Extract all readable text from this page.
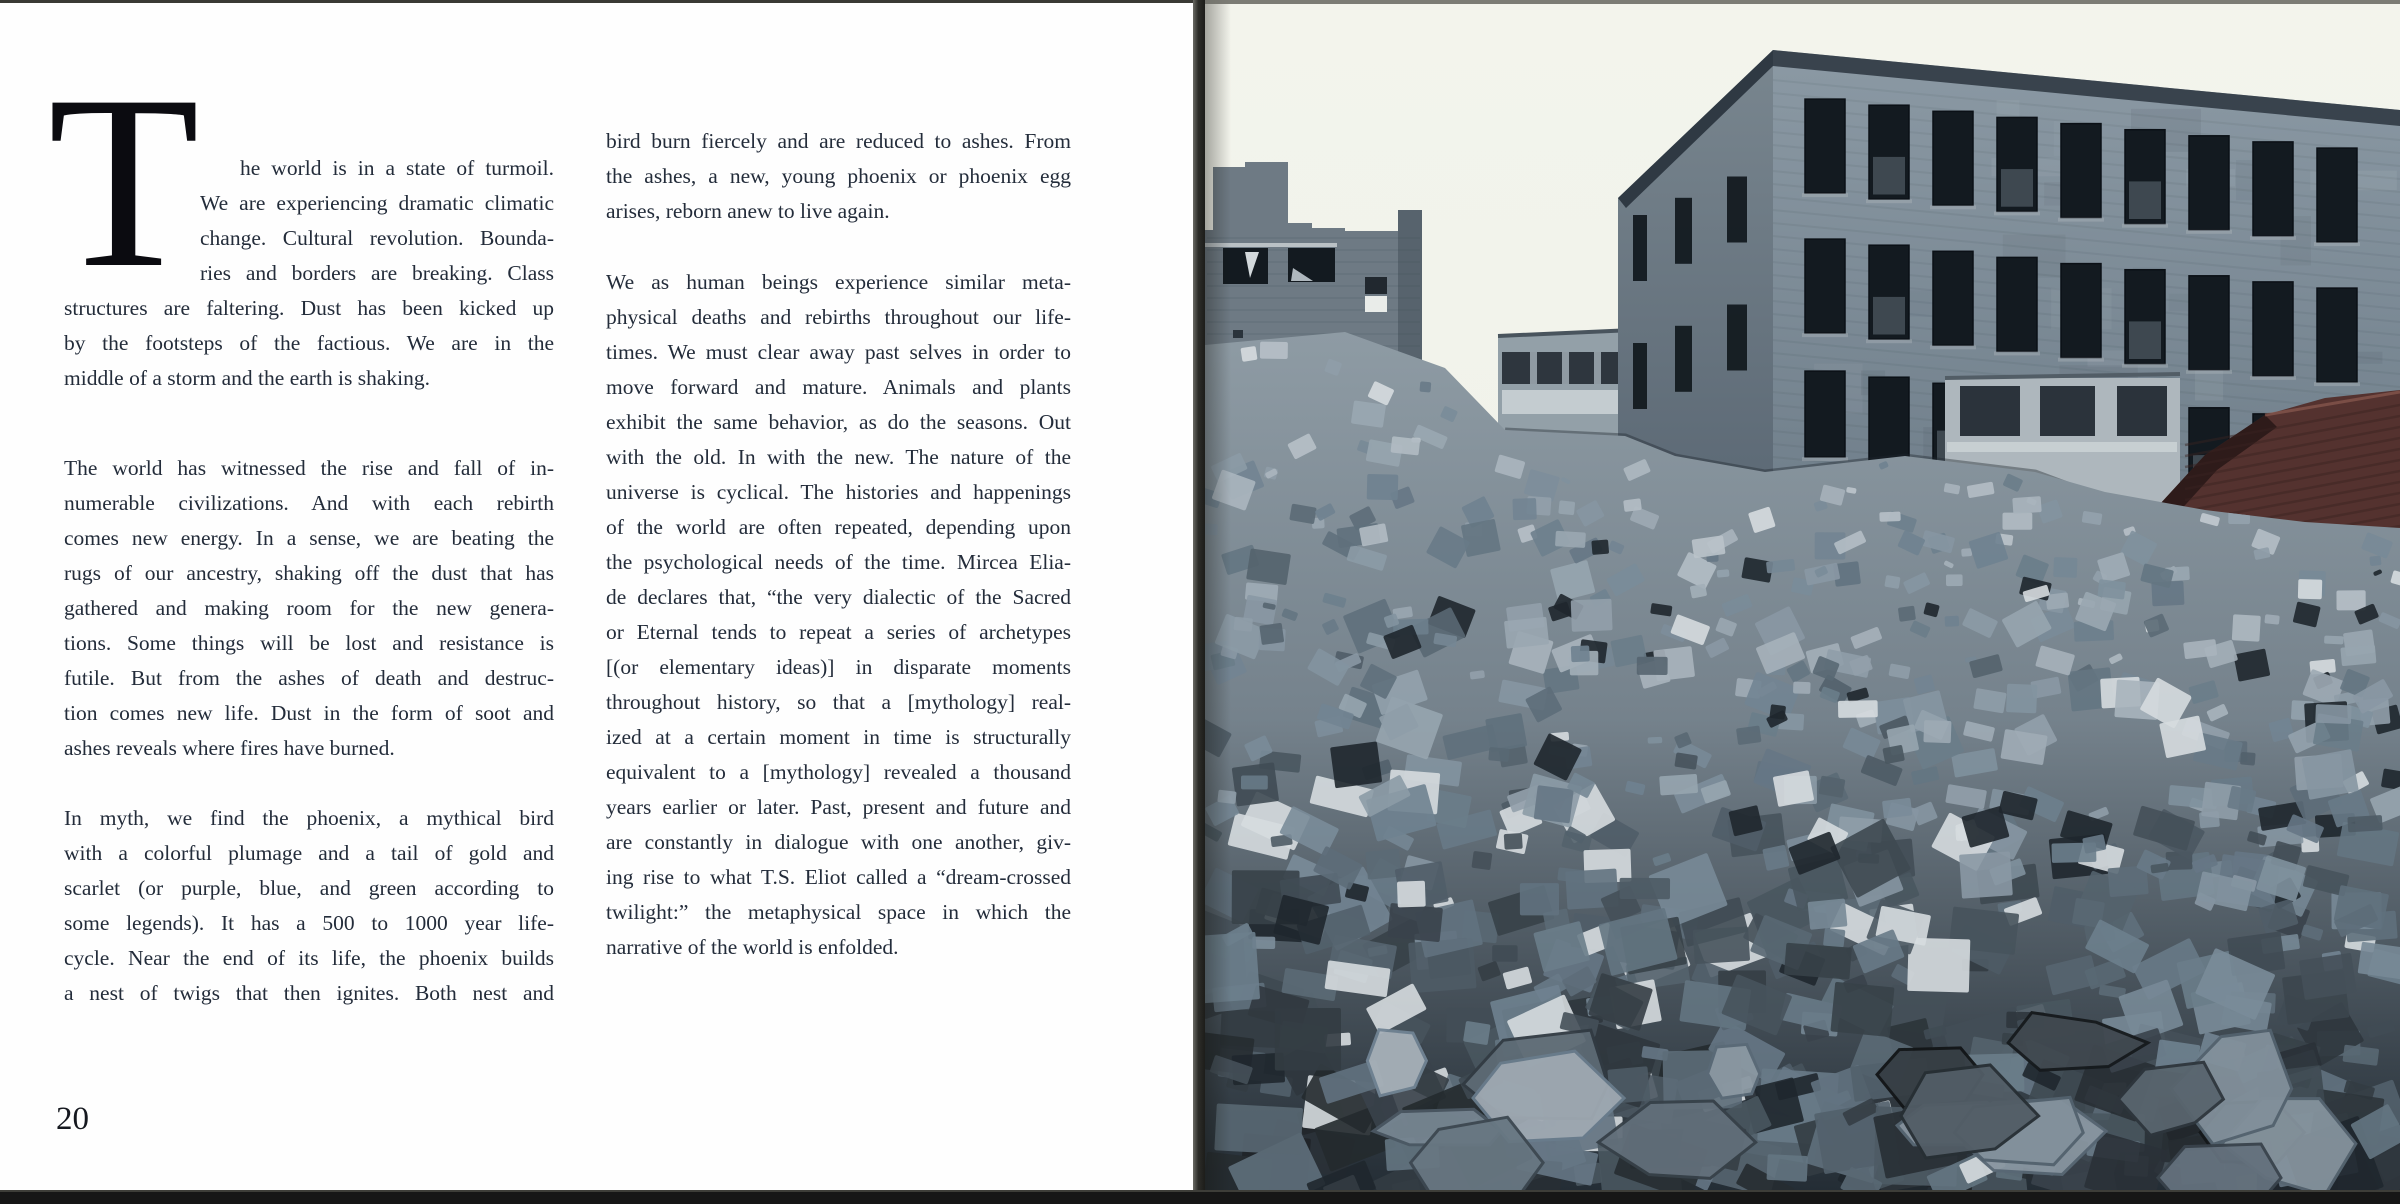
T he world is in a state of turmoil.
We are experiencing dramatic climatic
change. Cultural revolution. Bounda-
ries and borders are breaking. Class
structures are faltering. Dust has been kicked up
by the footsteps of the factious. We are in the
middle of a storm and the earth is shaking.
The world has witnessed the rise and fall of in-
numerable civilizations. And with each rebirth
comes new energy. In a sense, we are beating the
rugs of our ancestry, shaking off the dust that has
gathered and making room for the new genera-
tions. Some things will be lost and resistance is
futile. But from the ashes of death and destruc-
tion comes new life. Dust in the form of soot and
ashes reveals where fires have burned.
In myth, we find the phoenix, a mythical bird
with a colorful plumage and a tail of gold and
scarlet (or purple, blue, and green according to
some legends). It has a 500 to 1000 year life-
cycle. Near the end of its life, the phoenix builds
a nest of twigs that then ignites. Both nest and
bird burn fiercely and are reduced to ashes. From
the ashes, a new, young phoenix or phoenix egg
arises, reborn anew to live again.
We as human beings experience similar meta-
physical deaths and rebirths throughout our life-
times. We must clear away past selves in order to
move forward and mature. Animals and plants
exhibit the same behavior, as do the seasons. Out
with the old. In with the new. The nature of the
universe is cyclical. The histories and happenings
of the world are often repeated, depending upon
the psychological needs of the time. Mircea Elia-
de declares that, “the very dialectic of the Sacred
or Eternal tends to repeat a series of archetypes
[(or elementary ideas)] in disparate moments
throughout history, so that a [mythology] real-
ized at a certain moment in time is structurally
equivalent to a [mythology] revealed a thousand
years earlier or later. Past, present and future and
are constantly in dialogue with one another, giv-
ing rise to what T.S. Eliot called a “dream-crossed
twilight:” the metaphysical space in which the
narrative of the world is enfolded.
20
